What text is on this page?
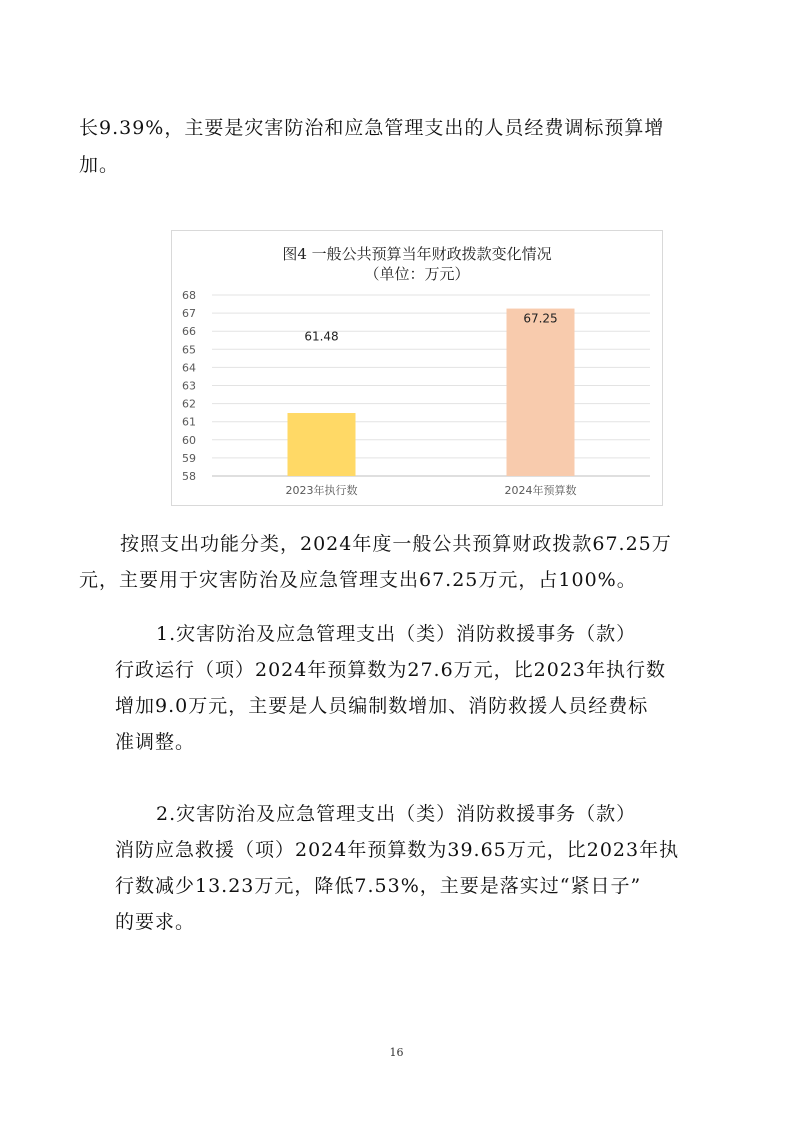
长9.39%，主要是灾害防治和应急管理支出的人员经费调标预算增
加。
图4 一般公共预算当年财政拨款变化情况
（单位：万元）
58
59
60
61
62
63
64
65
66
67
68
61.48
67.25
2023年执行数	2024年预算数
按照支出功能分类，2024年度一般公共预算财政拨款67.25万
元，主要用于灾害防治及应急管理支出67.25万元，占100%。
1.灾害防治及应急管理支出（类）消防救援事务（款）
行政运行（项）2024年预算数为27.6万元，比2023年执行数
增加9.0万元，主要是人员编制数增加、消防救援人员经费标
准调整。
2.灾害防治及应急管理支出（类）消防救援事务（款）
消防应急救援（项）2024年预算数为39.65万元，比2023年执
行数减少13.23万元，降低7.53%，主要是落实过“紧日子”
的要求。
16
